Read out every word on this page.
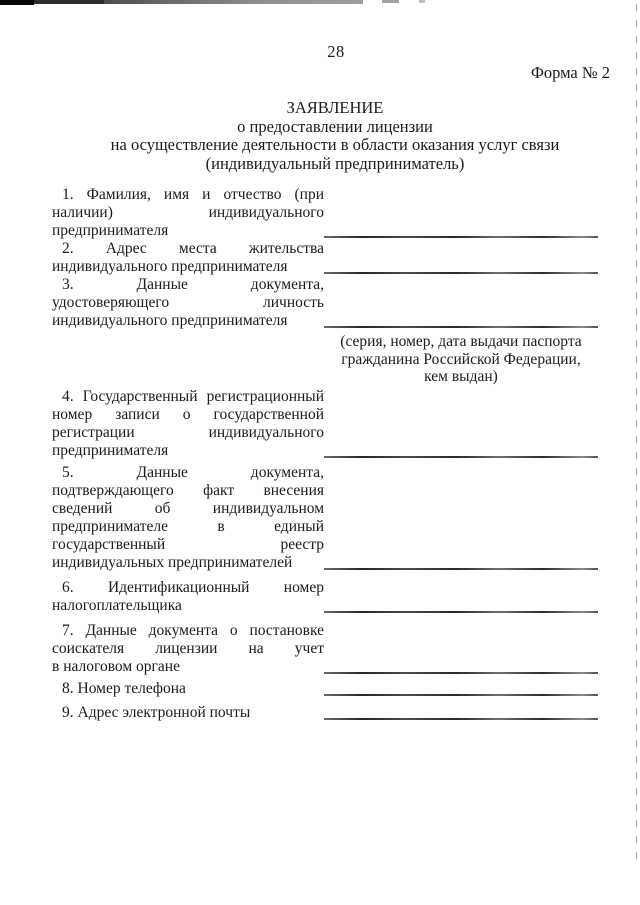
28
Форма № 2
ЗАЯВЛЕНИЕ
о предоставлении лицензии
на осуществление деятельности в области оказания услуг связи
(индивидуальный предприниматель)
1. Фамилия, имя и отчество (при
наличии) индивидуального
предпринимателя
2. Адрес места жительства
индивидуального предпринимателя
3. Данные документа,
удостоверяющего личность
индивидуального предпринимателя
(серия, номер, дата выдачи паспорта
гражданина Российской Федерации,
кем выдан)
4. Государственный регистрационный
номер записи о государственной
регистрации индивидуального
предпринимателя
5. Данные документа,
подтверждающего факт внесения
сведений об индивидуальном
предпринимателе в единый
государственный реестр
индивидуальных предпринимателей
6. Идентификационный номер
налогоплательщика
7. Данные документа о постановке
соискателя лицензии на учет
в налоговом органе
8. Номер телефона
9. Адрес электронной почты
